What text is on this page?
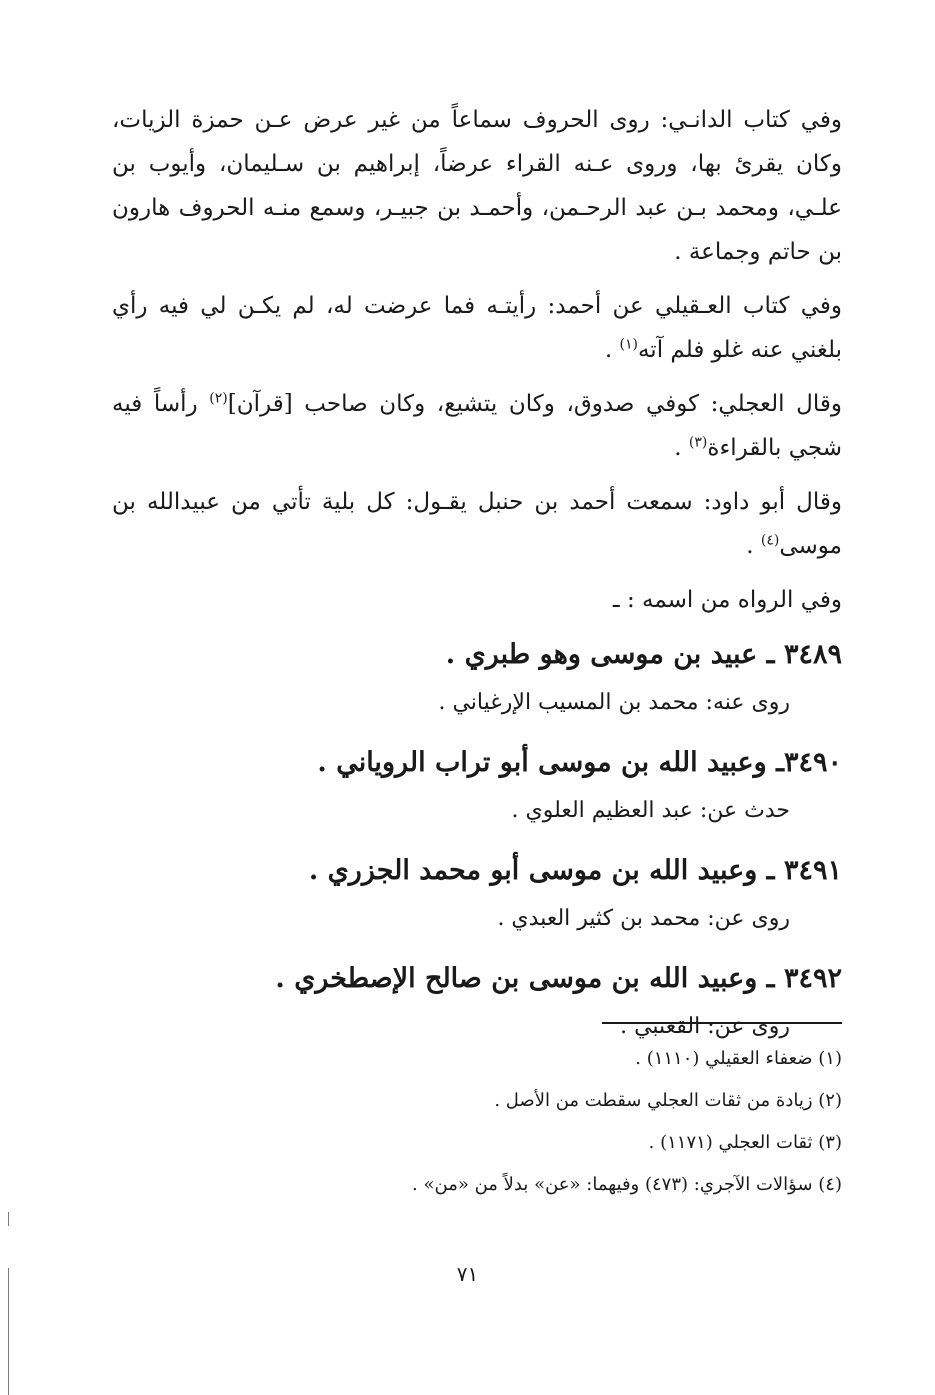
وفي كتاب الدانـي: روى الحروف سماعاً من غير عرض عـن حمزة الزيات، وكان يقرئ بها، وروى عـنه القراء عرضاً، إبراهيم بن سـليمان، وأيوب بن علـي، ومحمد بـن عبد الرحـمن، وأحمـد بن جبيـر، وسمع منـه الحروف هارون بن حاتم وجماعة .

وفي كتاب العـقيلي عن أحمد: رأيتـه فما عرضت له، لم يكـن لي فيه رأي بلغني عنه غلو فلم آته$^{(١)}$ .

وقال العجلي: كوفي صدوق، وكان يتشيع، وكان صاحب [قرآن]$^{(٢)}$ رأساً فيه شجي بالقراءة$^{(٣)}$ .

وقال أبو داود: سمعت أحمد بن حنبل يقـول: كل بلية تأتي من عبيدالله بن موسى$^{(٤)}$ .

وفي الرواه من اسمه : ـ

٣٤٨٩ ـ عبيد بن موسى وهو طبري .

روى عنه: محمد بن المسيب الإرغياني .

٣٤٩٠ـ وعبيد الله بن موسى أبو تراب الروياني .

حدث عن: عبد العظيم العلوي .

٣٤٩١ ـ وعبيد الله بن موسى أبو محمد الجزري .

روى عن: محمد بن كثير العبدي .

٣٤٩٢ ـ وعبيد الله بن موسى بن صالح الإصطخري .

روى عن: القعنبي .

(١) ضعفاء العقيلي (١١١٠) .

(٢) زيادة من ثقات العجلي سقطت من الأصل .

(٣) ثقات العجلي (١١٧١) .

(٤) سؤالات الآجري: (٤٧٣) وفيهما: «عن» بدلاً من «من» .

٧١
